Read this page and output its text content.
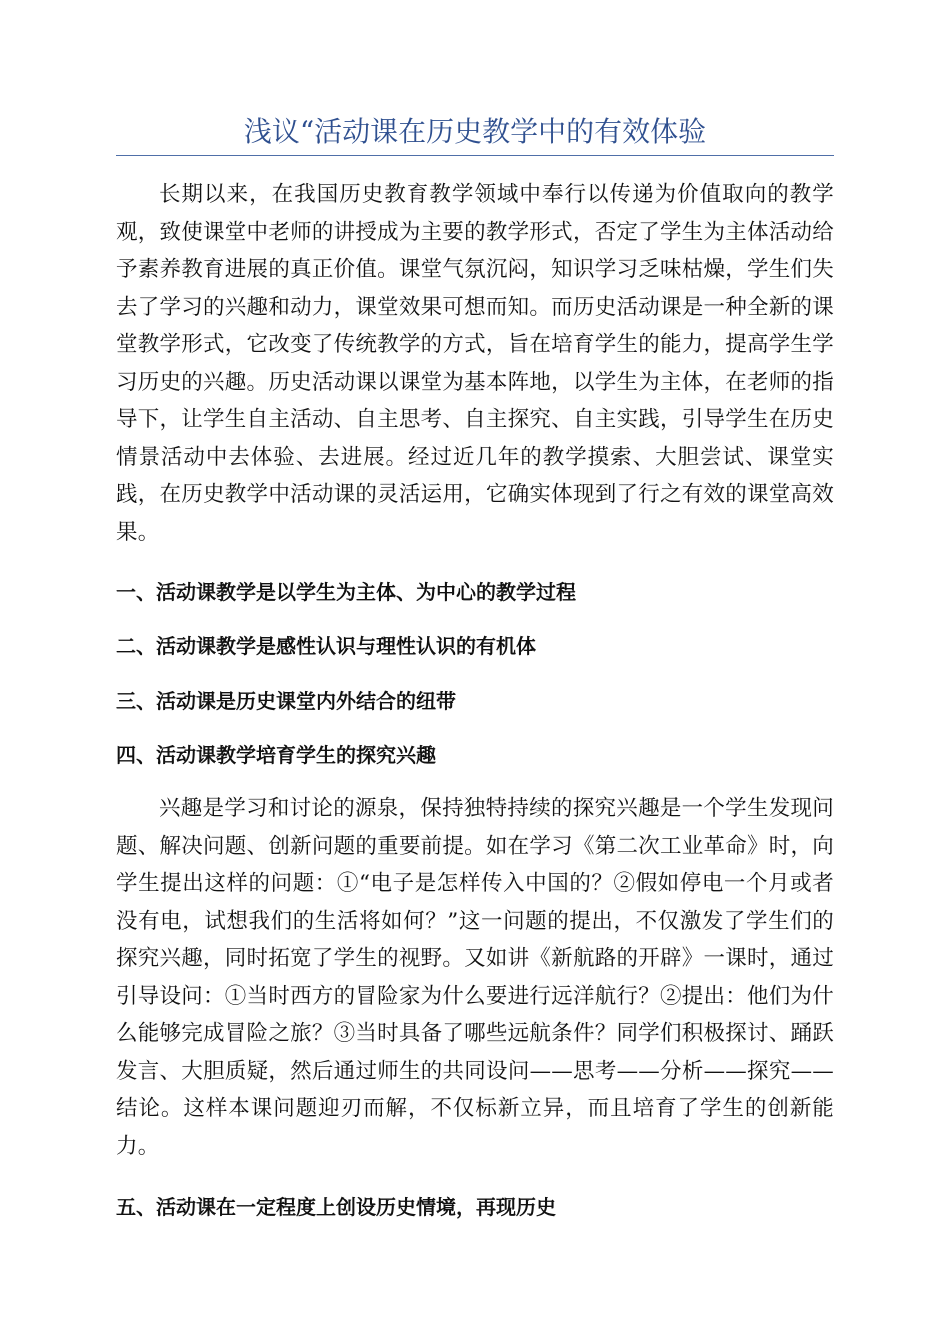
浅议“活动课在历史教学中的有效体验

长期以来，在我国历史教育教学领域中奉行以传递为价值取向的教学观，致使课堂中老师的讲授成为主要的教学形式，否定了学生为主体活动给予素养教育进展的真正价值。课堂气氛沉闷，知识学习乏味枯燥，学生们失去了学习的兴趣和动力，课堂效果可想而知。而历史活动课是一种全新的课堂教学形式，它改变了传统教学的方式，旨在培育学生的能力，提高学生学习历史的兴趣。历史活动课以课堂为基本阵地，以学生为主体，在老师的指导下，让学生自主活动、自主思考、自主探究、自主实践，引导学生在历史情景活动中去体验、去进展。经过近几年的教学摸索、大胆尝试、课堂实践，在历史教学中活动课的灵活运用，它确实体现到了行之有效的课堂高效果。

一、活动课教学是以学生为主体、为中心的教学过程
二、活动课教学是感性认识与理性认识的有机体
三、活动课是历史课堂内外结合的纽带
四、活动课教学培育学生的探究兴趣

兴趣是学习和讨论的源泉，保持独特持续的探究兴趣是一个学生发现问题、解决问题、创新问题的重要前提。如在学习《第二次工业革命》时，向学生提出这样的问题：①“电子是怎样传入中国的？②假如停电一个月或者没有电，试想我们的生活将如何？”这一问题的提出，不仅激发了学生们的探究兴趣，同时拓宽了学生的视野。又如讲《新航路的开辟》一课时，通过引导设问：①当时西方的冒险家为什么要进行远洋航行？②提出：他们为什么能够完成冒险之旅？③当时具备了哪些远航条件？同学们积极探讨、踊跃发言、大胆质疑，然后通过师生的共同设问——思考——分析——探究——结论。这样本课问题迎刃而解，不仅标新立异，而且培育了学生的创新能力。

五、活动课在一定程度上创设历史情境，再现历史
